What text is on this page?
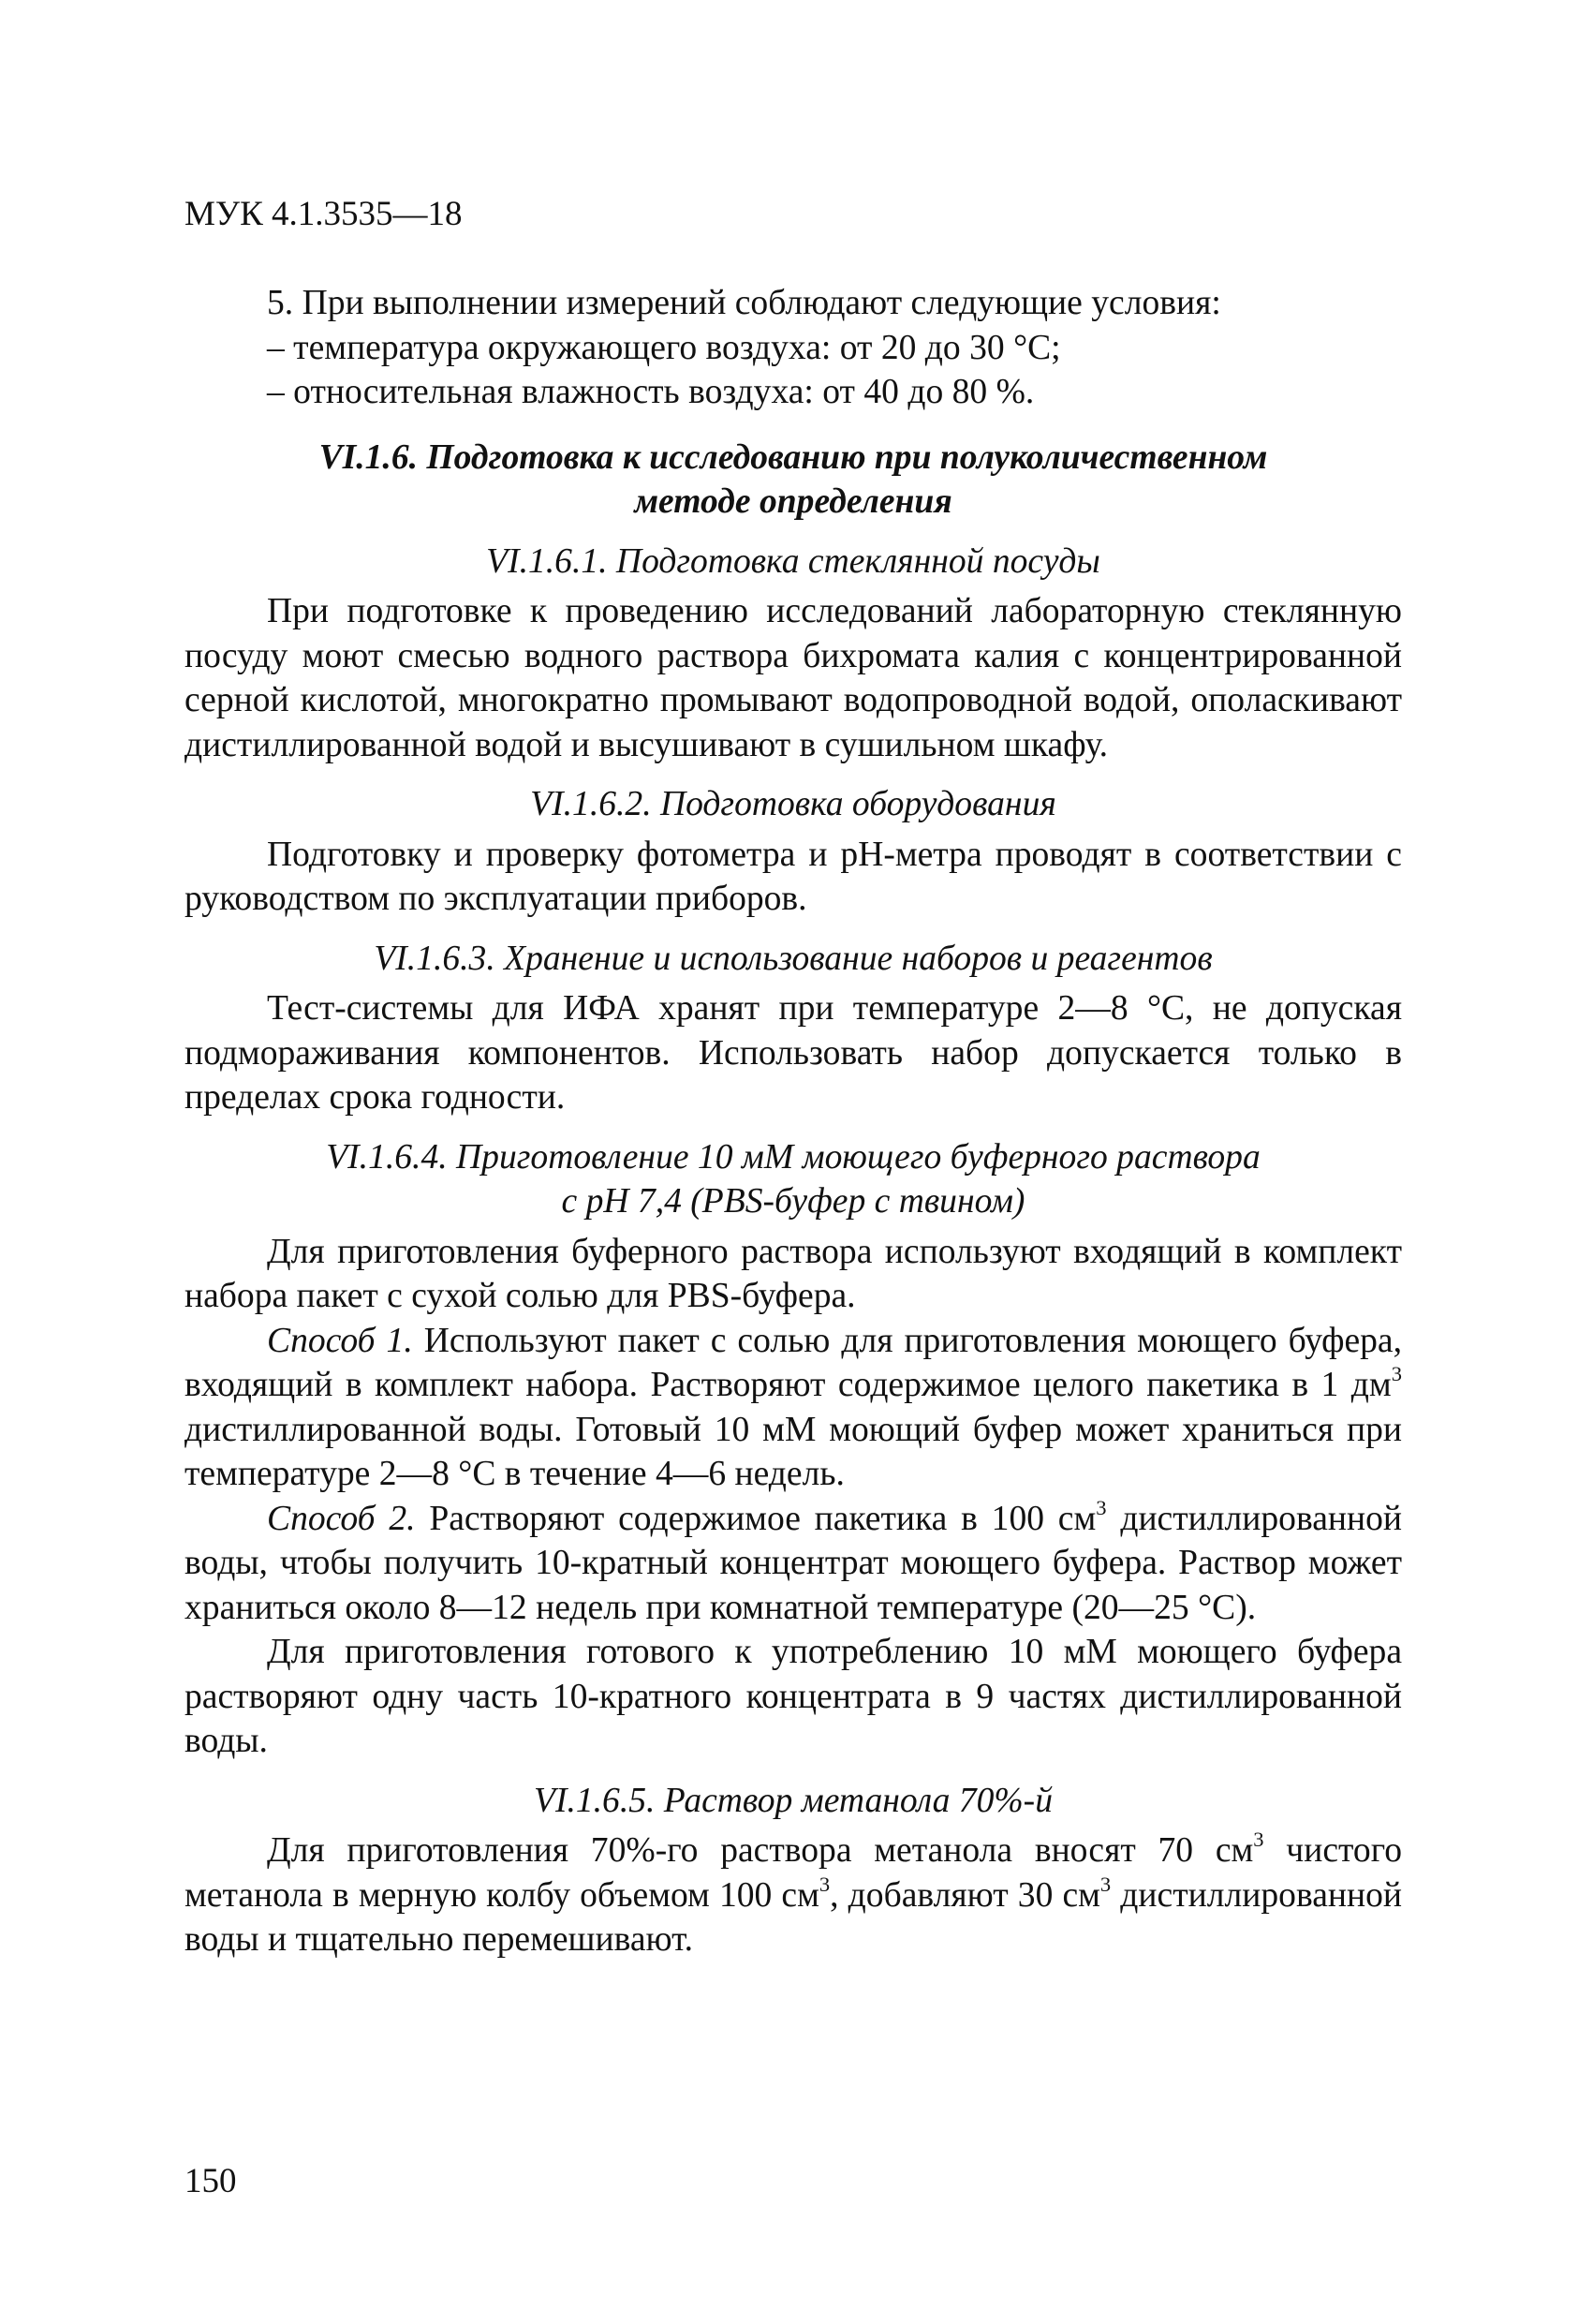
МУК 4.1.3535—18
5. При выполнении измерений соблюдают следующие условия:
– температура окружающего воздуха: от 20 до 30 °С;
– относительная влажность воздуха: от 40 до 80 %.
VI.1.6. Подготовка к исследованию при полуколичественном
методе определения
VI.1.6.1. Подготовка стеклянной посуды

При подготовке к проведению исследований лабораторную стеклянную посуду моют смесью водного раствора бихромата калия с концентрированной серной кислотой, многократно промывают водопроводной водой, ополаскивают дистиллированной водой и высушивают в сушильном шкафу.

VI.1.6.2. Подготовка оборудования

Подготовку и проверку фотометра и рН-метра проводят в соответствии с руководством по эксплуатации приборов.

VI.1.6.3. Хранение и использование наборов и реагентов

Тест-системы для ИФА хранят при температуре 2—8 °С, не допуская подмораживания компонентов. Использовать набор допускается только в пределах срока годности.

VI.1.6.4. Приготовление 10 мМ моющего буферного раствора
с рН 7,4 (PBS-буфер с твином)

Для приготовления буферного раствора используют входящий в комплект набора пакет с сухой солью для PBS-буфера.

Способ 1. Используют пакет с солью для приготовления моющего буфера, входящий в комплект набора. Растворяют содержимое целого пакетика в 1 $дм^3$ дистиллированной воды. Готовый 10 мМ моющий буфер может храниться при температуре 2—8 °С в течение 4—6 недель.

Способ 2. Растворяют содержимое пакетика в 100 $см^3$ дистиллированной воды, чтобы получить 10-кратный концентрат моющего буфера. Раствор может храниться около 8—12 недель при комнатной температуре (20—25 °С).

Для приготовления готового к употреблению 10 мМ моющего буфера растворяют одну часть 10-кратного концентрата в 9 частях дистиллированной воды.

VI.1.6.5. Раствор метанола 70%-й

Для приготовления 70%-го раствора метанола вносят 70 $см^3$ чистого метанола в мерную колбу объемом 100 $см^3$, добавляют 30 $см^3$ дистиллированной воды и тщательно перемешивают.

150
